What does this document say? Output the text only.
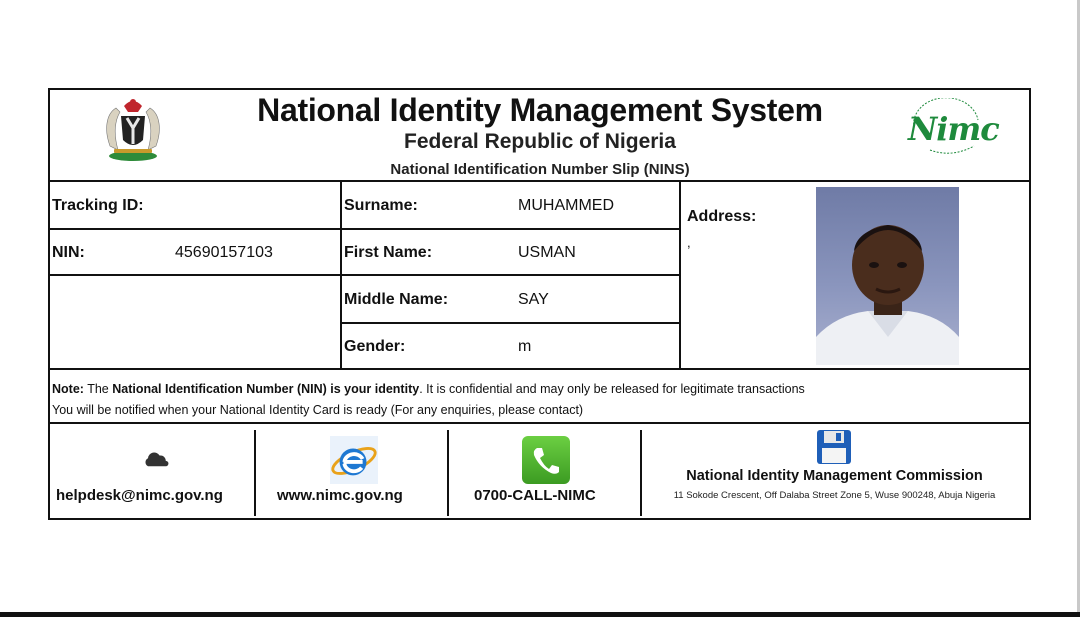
National Identity Management System
Federal Republic of Nigeria
National Identification Number Slip (NINS)
Nimc
Tracking ID:
NIN:	45690157103
Surname:	MUHAMMED
First Name:	USMAN
Middle Name:	SAY
Gender:	m
Address:
,
Note: The National Identification Number (NIN) is your identity. It is confidential and may only be released for legitimate transactions
You will be notified when your National Identity Card is ready (For any enquiries, please contact)
helpdesk@nimc.gov.ng	www.nimc.gov.ng	0700-CALL-NIMC
National Identity Management Commission
11 Sokode Crescent, Off Dalaba Street Zone 5, Wuse 900248, Abuja Nigeria
